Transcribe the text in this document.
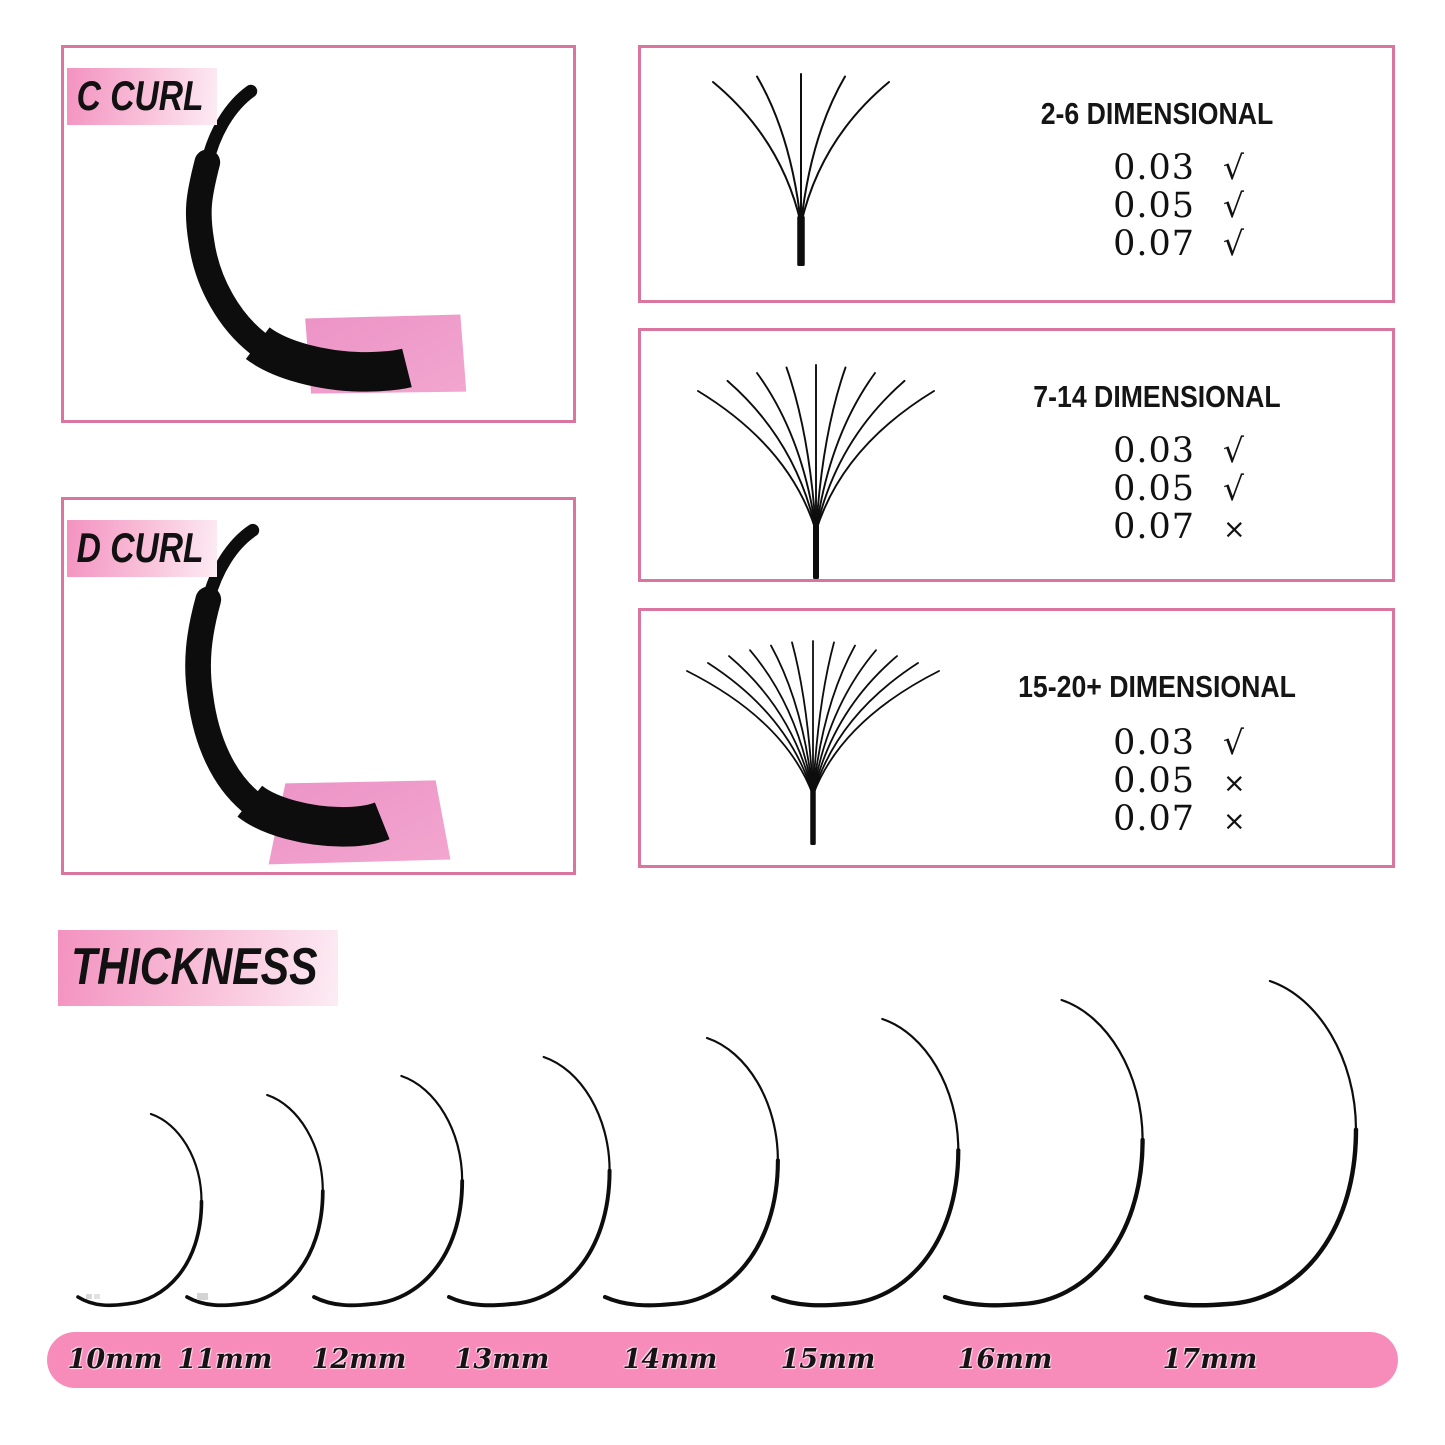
C CURL
D CURL
2-6 DIMENSIONAL
0.03 √
0.05 √
0.07 √
7-14 DIMENSIONAL
0.03 √
0.05 √
0.07 ×
15-20+ DIMENSIONAL
0.03 √
0.05 ×
0.07 ×
THICKNESS
10mm 11mm 12mm 13mm	14mm 15mm	16mm	17mm
